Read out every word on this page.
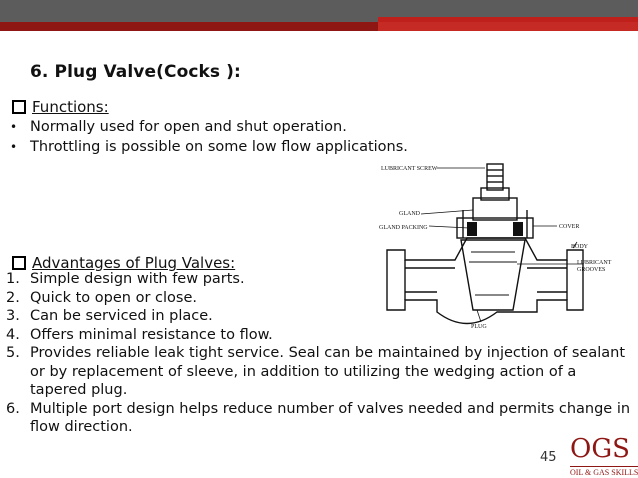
6. Plug Valve(Cocks ):
Functions:
• Normally used for open and shut operation.
• Throttling is possible on some low flow applications.
LUBRICANT SCREW
GLAND
GLAND PACKING	COVER
BODY
LUBRICANT
GROOVES
PLUG
Advantages of Plug Valves:
1. Simple design with few parts.
2. Quick to open or close.
3. Can be serviced in place.
4. Offers minimal resistance to flow.
5. Provides reliable leak tight service. Seal can be maintained by injection of sealant or by replacement of sleeve, in addition to utilizing the wedging action of a tapered plug.
6. Multiple port design helps reduce number of valves needed and permits change in flow direction.
45 OGS
OIL & GAS SKILLS
